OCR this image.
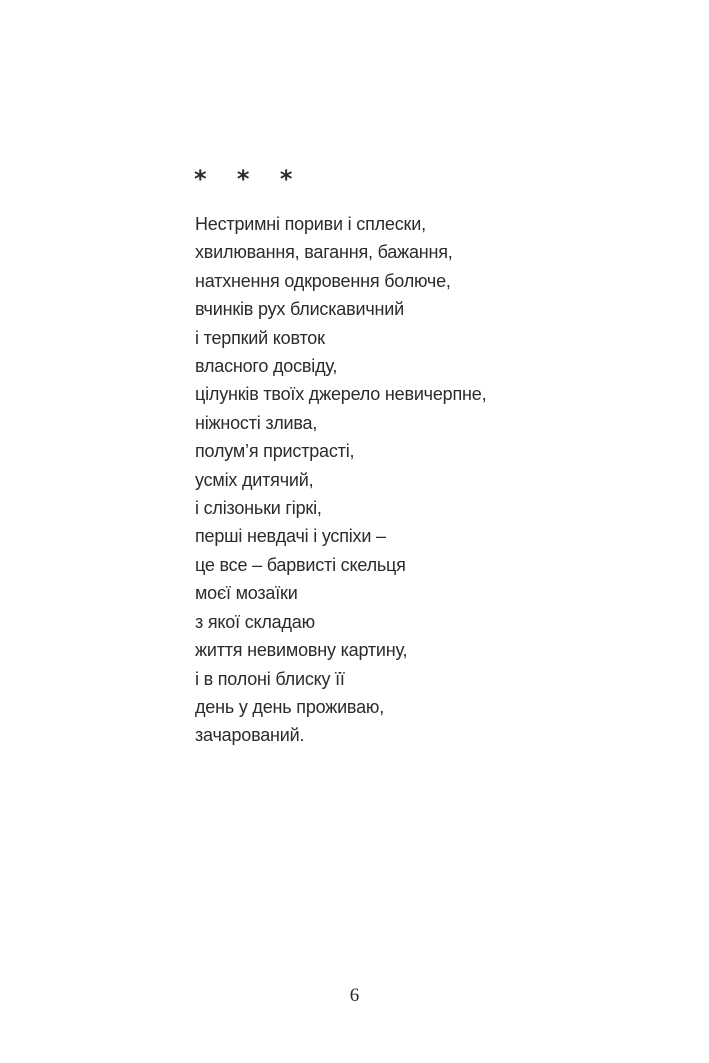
* * *
Нестримні пориви і сплески,
хвилювання, вагання, бажання,
натхнення одкровення болюче,
вчинків рух блискавичний
і терпкий ковток
власного досвіду,
цілунків твоїх джерело невичерпне,
ніжності злива,
полум’я пристрасті,
усміх дитячий,
і слізоньки гіркі,
перші невдачі і успіхи –
це все – барвисті скельця
моєї мозаїки
з якої складаю
життя невимовну картину,
і в полоні блиску її
день у день проживаю,
зачарований.
6
